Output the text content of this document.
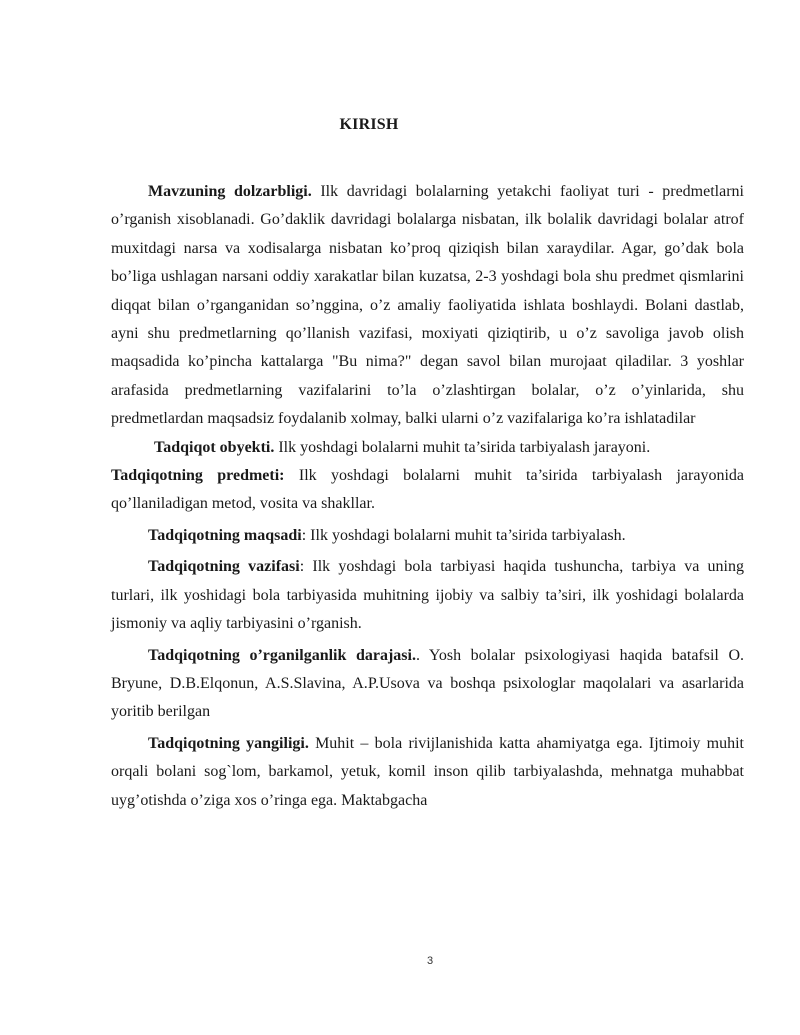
KIRISH

Mavzuning dolzarbligi. Ilk davridagi bolalarning yetakchi faoliyat turi - predmetlarni o’rganish xisoblanadi. Go’daklik davridagi bolalarga nisbatan, ilk bolalik davridagi bolalar atrof muxitdagi narsa va xodisalarga nisbatan ko’proq qiziqish bilan xaraydilar. Agar, go’dak bola bo’liga ushlagan narsani oddiy xarakatlar bilan kuzatsa, 2-3 yoshdagi bola shu predmet qismlarini diqqat bilan o’rganganidan so’nggina, o’z amaliy faoliyatida ishlata boshlaydi. Bolani dastlab, ayni shu predmetlarning qo’llanish vazifasi, moxiyati qiziqtirib, u o’z savoliga javob olish maqsadida ko’pincha kattalarga "Bu nima?" degan savol bilan murojaat qiladilar. 3 yoshlar arafasida predmetlarning vazifalarini to’la o’zlashtirgan bolalar, o’z o’yinlarida, shu predmetlardan maqsadsiz foydalanib xolmay, balki ularni o’z vazifalariga ko’ra ishlatadilar

Tadqiqot obyekti. Ilk yoshdagi bolalarni muhit ta’sirida tarbiyalash jarayoni.

Tadqiqotning predmeti: Ilk yoshdagi bolalarni muhit ta’sirida tarbiyalash jarayonida qo’llaniladigan metod, vosita va shakllar.

Tadqiqotning maqsadi: Ilk yoshdagi bolalarni muhit ta’sirida tarbiyalash.

Tadqiqotning vazifasi: Ilk yoshdagi bola tarbiyasi haqida tushuncha, tarbiya va uning turlari, ilk yoshidagi bola tarbiyasida muhitning ijobiy va salbiy ta’siri, ilk yoshidagi bolalarda jismoniy va aqliy tarbiyasini o’rganish.

Tadqiqotning o’rganilganlik darajasi.. Yosh bolalar psixologiyasi haqida batafsil O. Bryune, D.B.Elqonun, A.S.Slavina, A.P.Usova va boshqa psixologlar maqolalari va asarlarida yoritib berilgan

Tadqiqotning yangiligi. Muhit – bola rivijlanishida katta ahamiyatga ega. Ijtimoiy muhit orqali bolani sog`lom, barkamol, yetuk, komil inson qilib tarbiyalashda, mehnatga muhabbat uyg’otishda o’ziga xos o’ringa ega. Maktabgacha

3
